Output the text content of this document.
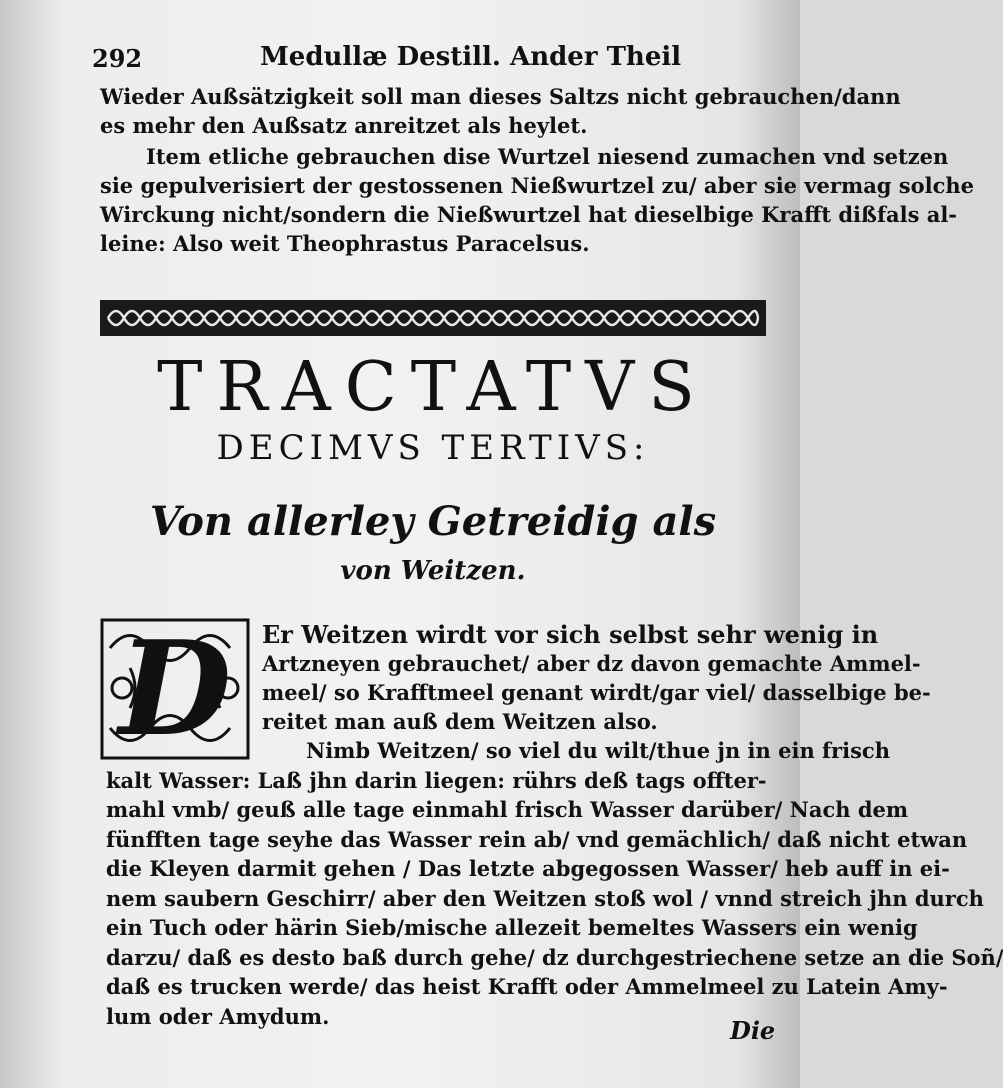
292	Medullæ Destill. Ander Theil
Wieder Außsätzigkeit soll man dieses Saltzs nicht gebrauchen/dann
es mehr den Außsatz anreitzet als heylet.
Item etliche gebrauchen dise Wurtzel niesend zumachen vnd setzen
sie gepulverisiert der gestossenen Nießwurtzel zu/ aber sie vermag solche
Wirckung nicht/sondern die Nießwurtzel hat dieselbige Krafft dißfals al-
leine: Also weit Theophrastus Paracelsus.
TRACTATVS
DECIMVS TERTIVS:
Von allerley Getreidig als
von Weitzen.
D	Er Weitzen wirdt vor sich selbst sehr wenig in
Artzneyen gebrauchet/ aber dz davon gemachte Ammel-
meel/ so Krafftmeel genant wirdt/gar viel/ dasselbige be-
reitet man auß dem Weitzen also.
Nimb Weitzen/ so viel du wilt/thue jn in ein frisch
kalt Wasser: Laß jhn darin liegen: rührs deß tags offter-
mahl vmb/ geuß alle tage einmahl frisch Wasser darüber/ Nach dem
fünfften tage seyhe das Wasser rein ab/ vnd gemächlich/ daß nicht etwan
die Kleyen darmit gehen / Das letzte abgegossen Wasser/ heb auff in ei-
nem saubern Geschirr/ aber den Weitzen stoß wol / vnnd streich jhn durch
ein Tuch oder härin Sieb/mische allezeit bemeltes Wassers ein wenig
darzu/ daß es desto baß durch gehe/ dz durchgestriechene setze an die Soñ/
daß es trucken werde/ das heist Krafft oder Ammelmeel zu Latein Amy-
lum oder Amydum.	Die
